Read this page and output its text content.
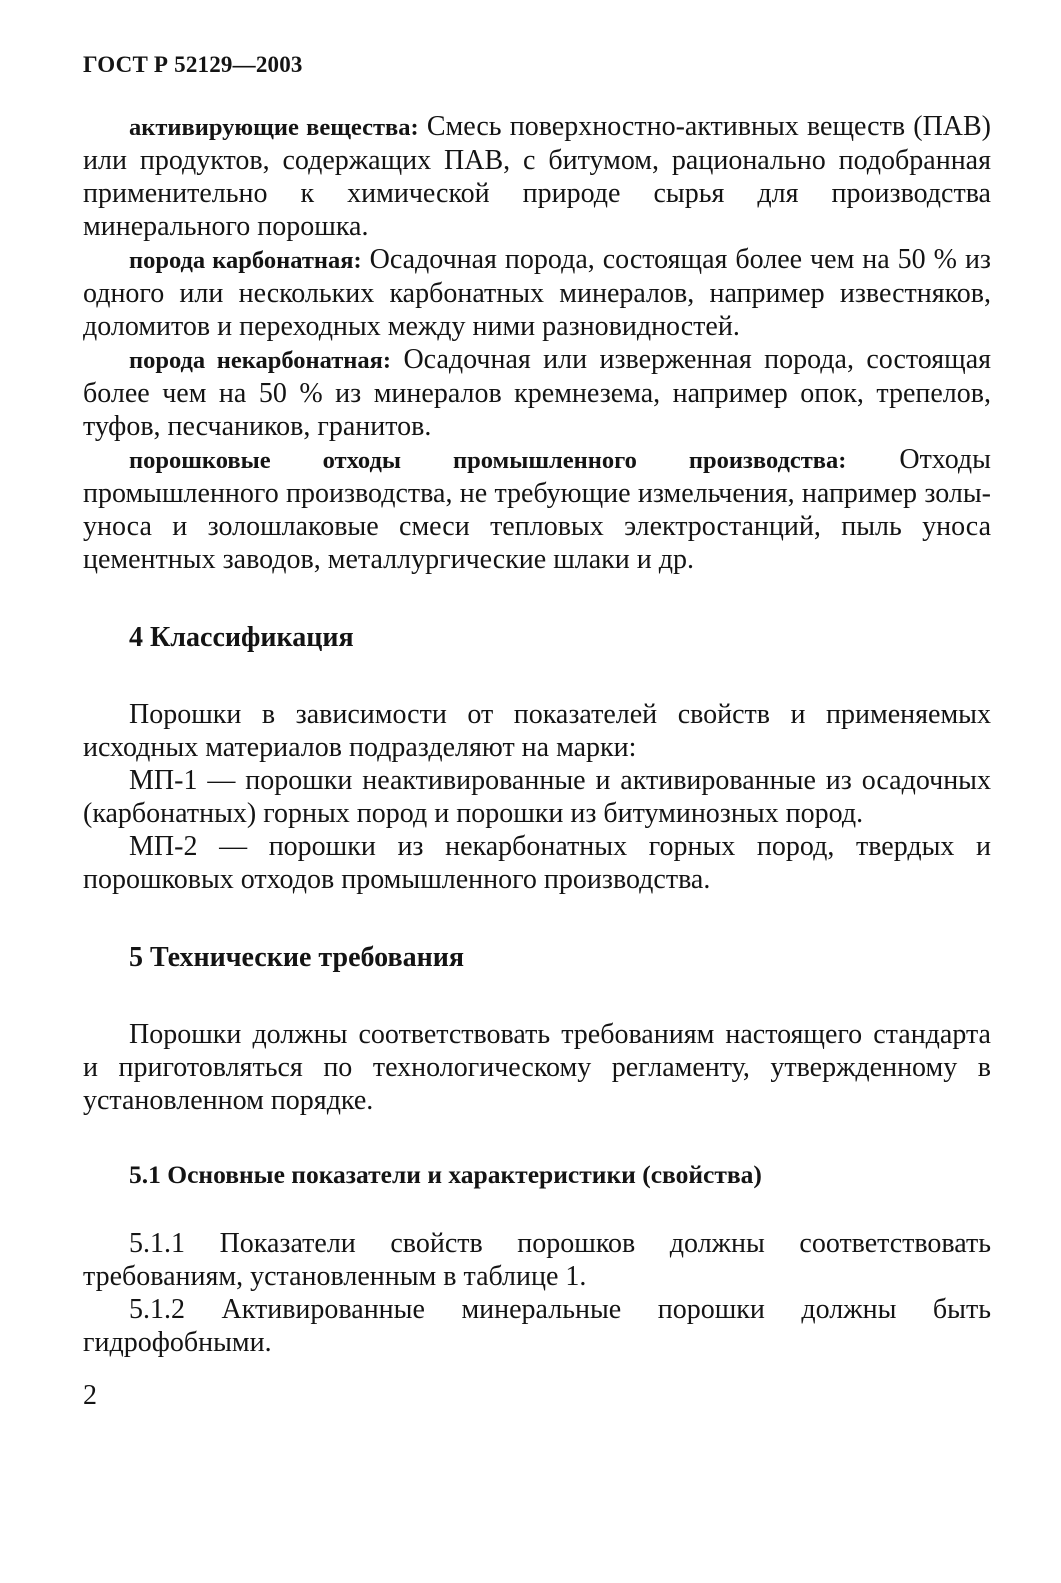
ГОСТ Р 52129—2003

активирующие вещества: Смесь поверхностно-активных веществ (ПАВ) или продуктов, содержащих ПАВ, с битумом, рационально подобранная применительно к химической природе сырья для производства минерального порошка.

порода карбонатная: Осадочная порода, состоящая более чем на 50 % из одного или нескольких карбонатных минералов, например известняков, доломитов и переходных между ними разновидностей.

порода некарбонатная: Осадочная или изверженная порода, состоящая более чем на 50 % из минералов кремнезема, например опок, трепелов, туфов, песчаников, гранитов.

порошковые отходы промышленного производства: Отходы промышленного производства, не требующие измельчения, например золы-уноса и золошлаковые смеси тепловых электростанций, пыль уноса цементных заводов, металлургические шлаки и др.

4 Классификация

Порошки в зависимости от показателей свойств и применяемых исходных материалов подразделяют на марки:

МП-1 — порошки неактивированные и активированные из осадочных (карбонатных) горных пород и порошки из битуминозных пород.

МП-2 — порошки из некарбонатных горных пород, твердых и порошковых отходов промышленного производства.

5 Технические требования

Порошки должны соответствовать требованиям настоящего стандарта и приготовляться по технологическому регламенту, утвержденному в установленном порядке.

5.1 Основные показатели и характеристики (свойства)

5.1.1 Показатели свойств порошков должны соответствовать требованиям, установленным в таблице 1.

5.1.2 Активированные минеральные порошки должны быть гидрофобными.

2
